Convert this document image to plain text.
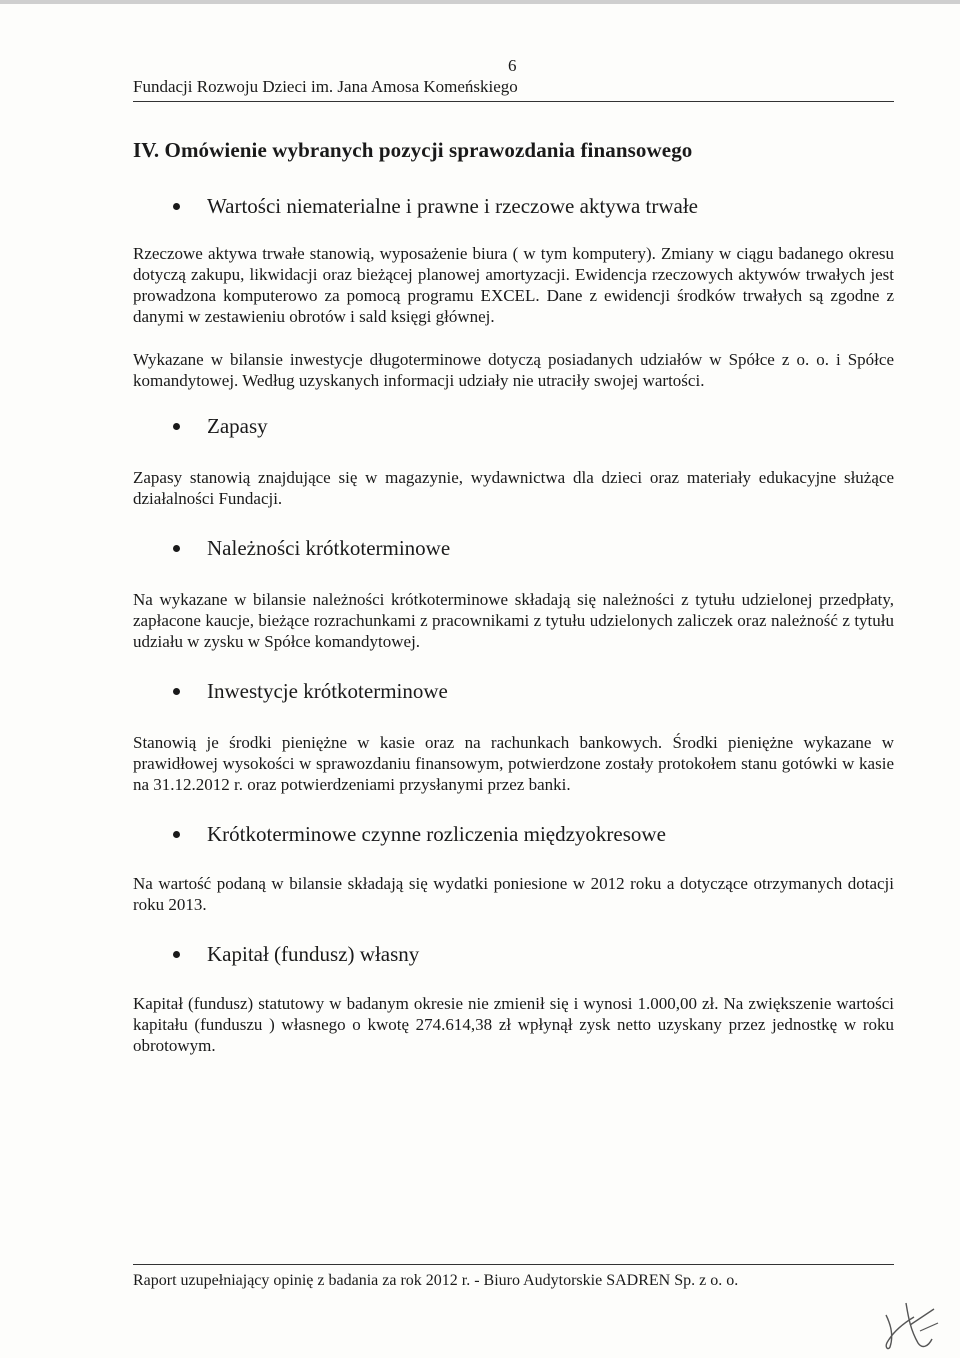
Fundacji Rozwoju Dzieci im. Jana Amosa Komeńskiego
6
IV. Omówienie wybranych pozycji sprawozdania finansowego
Wartości niematerialne i prawne i rzeczowe aktywa trwałe

Rzeczowe aktywa trwałe stanowią, wyposażenie biura ( w tym komputery). Zmiany w ciągu badanego okresu dotyczą zakupu, likwidacji oraz bieżącej planowej amortyzacji. Ewidencja rzeczowych aktywów trwałych jest prowadzona komputerowo za pomocą programu EXCEL. Dane z ewidencji środków trwałych są zgodne z danymi w zestawieniu obrotów i sald księgi głównej.

Wykazane w bilansie inwestycje długoterminowe dotyczą posiadanych udziałów w Spółce z o. o. i Spółce komandytowej. Według uzyskanych informacji udziały nie utraciły swojej wartości.

Zapasy

Zapasy stanowią znajdujące się w magazynie, wydawnictwa dla dzieci oraz materiały edukacyjne służące działalności Fundacji.

Należności krótkoterminowe

Na wykazane w bilansie należności krótkoterminowe składają się należności z tytułu udzielonej przedpłaty, zapłacone kaucje, bieżące rozrachunkami z pracownikami z tytułu udzielonych zaliczek oraz należność z tytułu udziału w zysku w Spółce komandytowej.

Inwestycje krótkoterminowe

Stanowią je środki pieniężne w kasie oraz na rachunkach bankowych. Środki pieniężne wykazane w prawidłowej wysokości w sprawozdaniu finansowym, potwierdzone zostały protokołem stanu gotówki w kasie na 31.12.2012 r. oraz potwierdzeniami przysłanymi przez banki.

Krótkoterminowe czynne rozliczenia międzyokresowe

Na wartość podaną w bilansie składają się wydatki poniesione w 2012 roku a dotyczące otrzymanych dotacji roku 2013.

Kapitał (fundusz) własny

Kapitał (fundusz) statutowy w badanym okresie nie zmienił się i wynosi 1.000,00 zł. Na zwiększenie wartości kapitału (funduszu ) własnego o kwotę 274.614,38 zł wpłynął zysk netto uzyskany przez jednostkę w roku obrotowym.

Raport uzupełniający opinię z badania za rok 2012 r. - Biuro Audytorskie SADREN Sp. z o. o.
